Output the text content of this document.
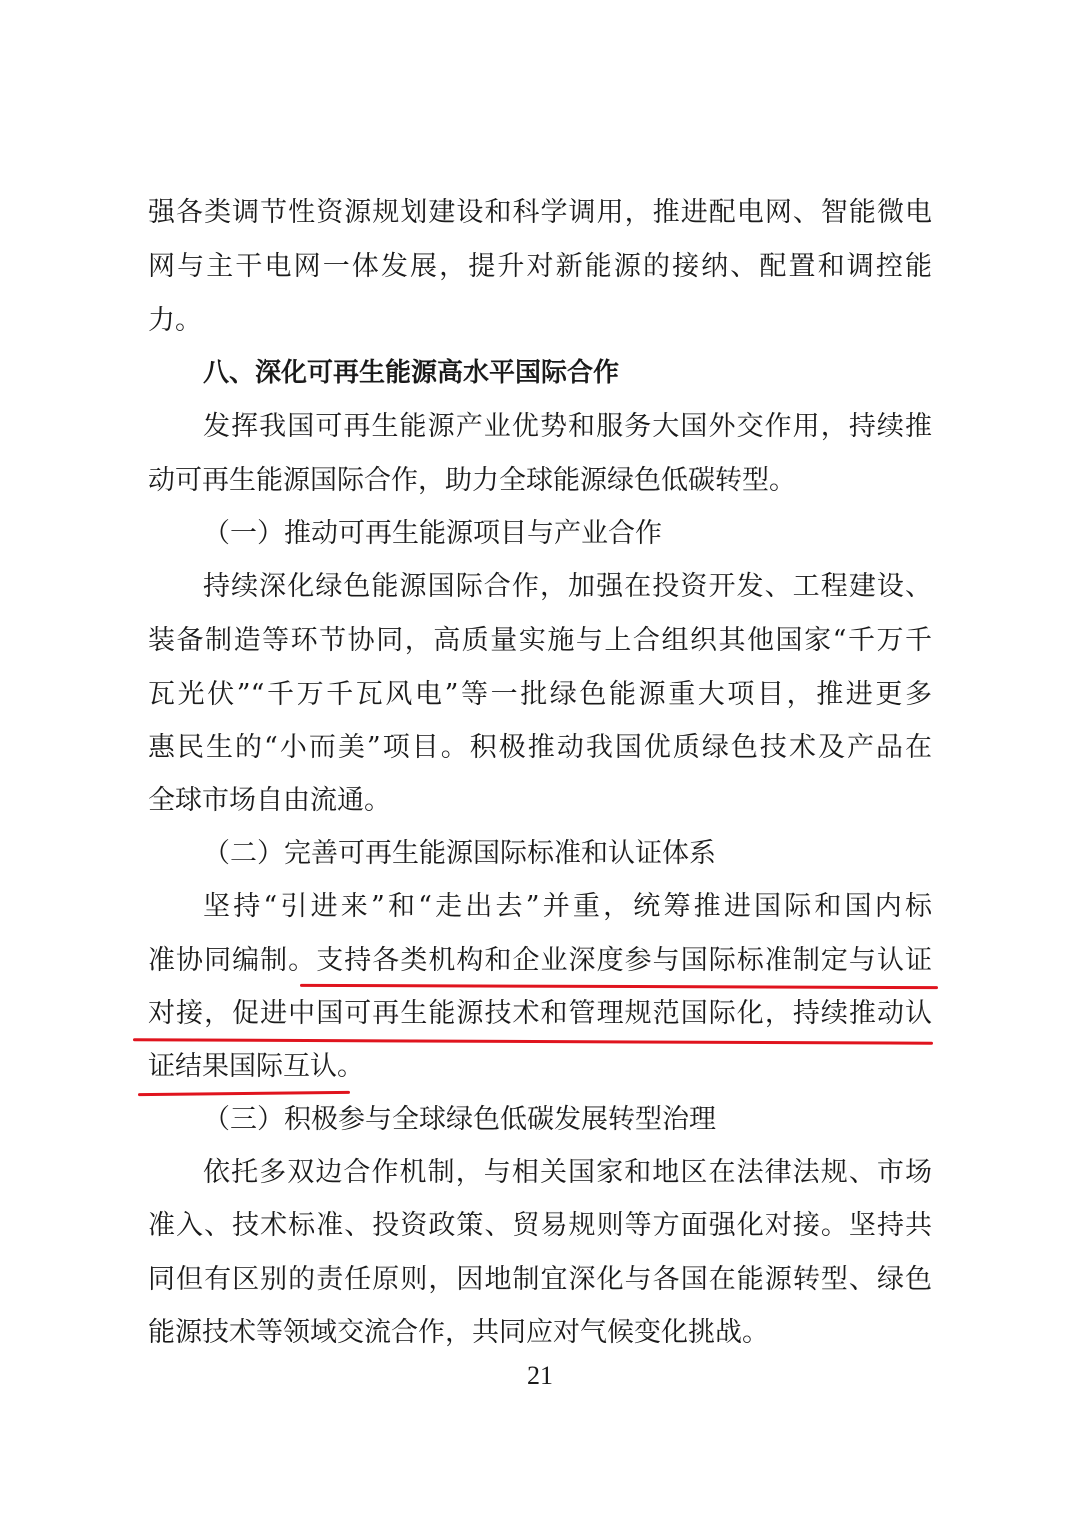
强各类调节性资源规划建设和科学调用，推进配电网、智能微电
网与主干电网一体发展，提升对新能源的接纳、配置和调控能
力。
八、深化可再生能源高水平国际合作
发挥我国可再生能源产业优势和服务大国外交作用，持续推
动可再生能源国际合作，助力全球能源绿色低碳转型。
（一）推动可再生能源项目与产业合作
持续深化绿色能源国际合作，加强在投资开发、工程建设、
装备制造等环节协同，高质量实施与上合组织其他国家“千万千
瓦光伏”“千万千瓦风电”等一批绿色能源重大项目，推进更多
惠民生的“小而美”项目。积极推动我国优质绿色技术及产品在
全球市场自由流通。
（二）完善可再生能源国际标准和认证体系
坚持“引进来”和“走出去”并重，统筹推进国际和国内标
准协同编制。支持各类机构和企业深度参与国际标准制定与认证
对接，促进中国可再生能源技术和管理规范国际化，持续推动认
证结果国际互认。
（三）积极参与全球绿色低碳发展转型治理
依托多双边合作机制，与相关国家和地区在法律法规、市场
准入、技术标准、投资政策、贸易规则等方面强化对接。坚持共
同但有区别的责任原则，因地制宜深化与各国在能源转型、绿色
能源技术等领域交流合作，共同应对气候变化挑战。
21
